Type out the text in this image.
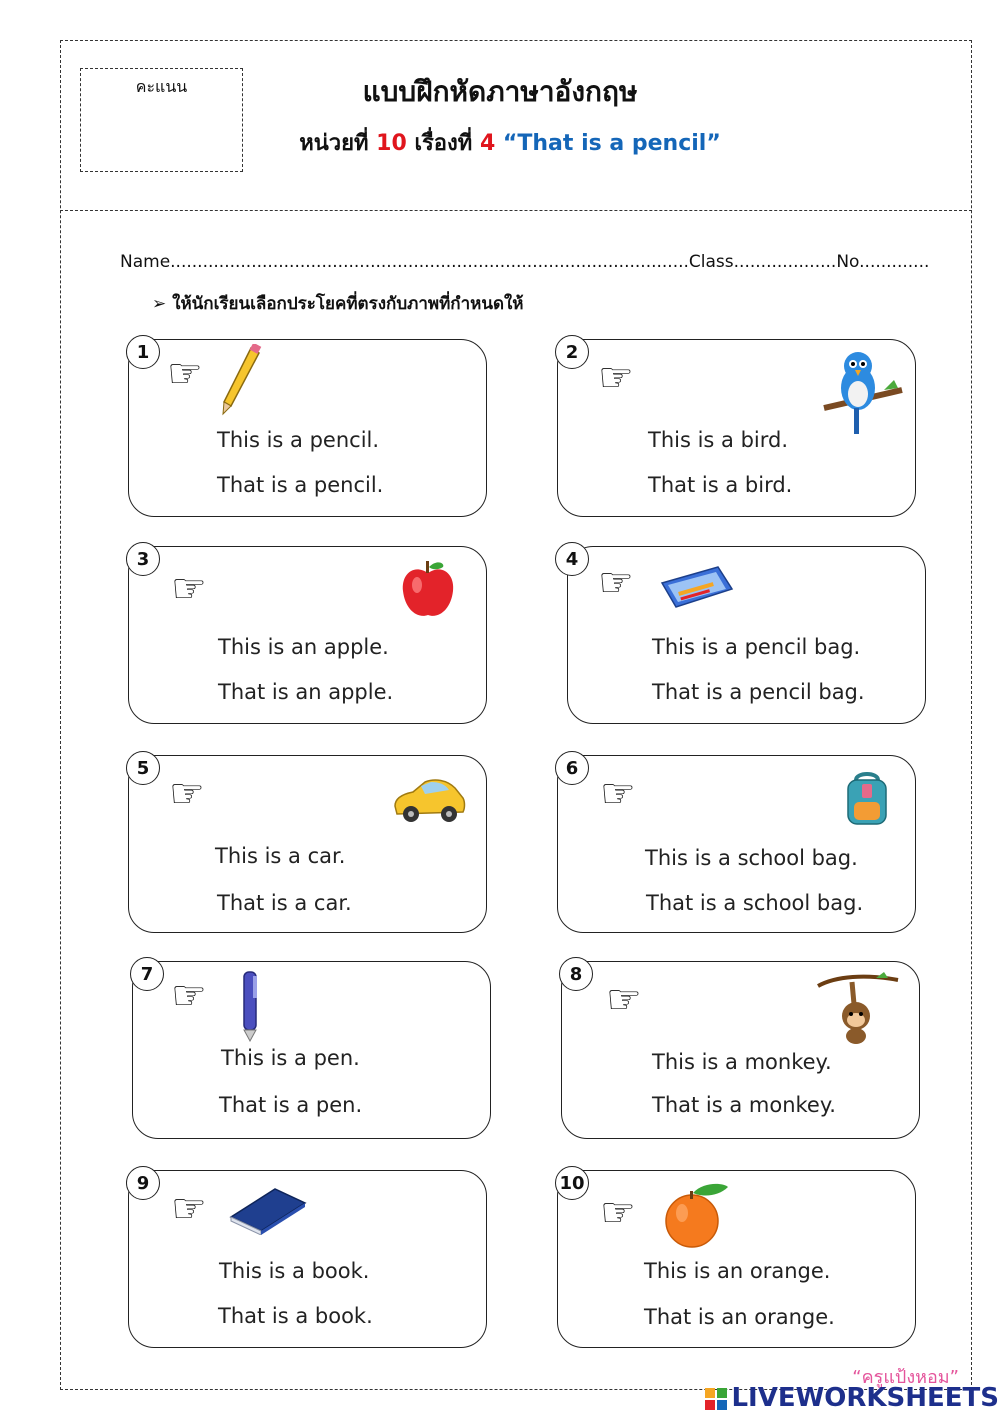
คะแนน	แบบฝึกหัดภาษาอังกฤษ
หน่วยที่ 10 เรื่องที่ 4 “That is a pencil”
Name................................................................................................Class...................No.............
➢ ให้นักเรียนเลือกประโยคที่ตรงกับภาพที่กำหนดให้
☞
This is a pencil.
That is a pencil.
1
☞
This is a bird.
That is a bird.
2
☞
This is an apple.
That is an apple.
3
☞
This is a pencil bag.
That is a pencil bag.
4
☞
This is a car.
That is a car.
5
☞
This is a school bag.
That is a school bag.
6
☞
This is a pen.
That is a pen.
7
☞
This is a monkey.
That is a monkey.
8
☞
This is a book.
That is a book.
9
☞
This is an orange.
That is an orange.
10
“ครูแป้งหอม”
LIVEWORKSHEETS
